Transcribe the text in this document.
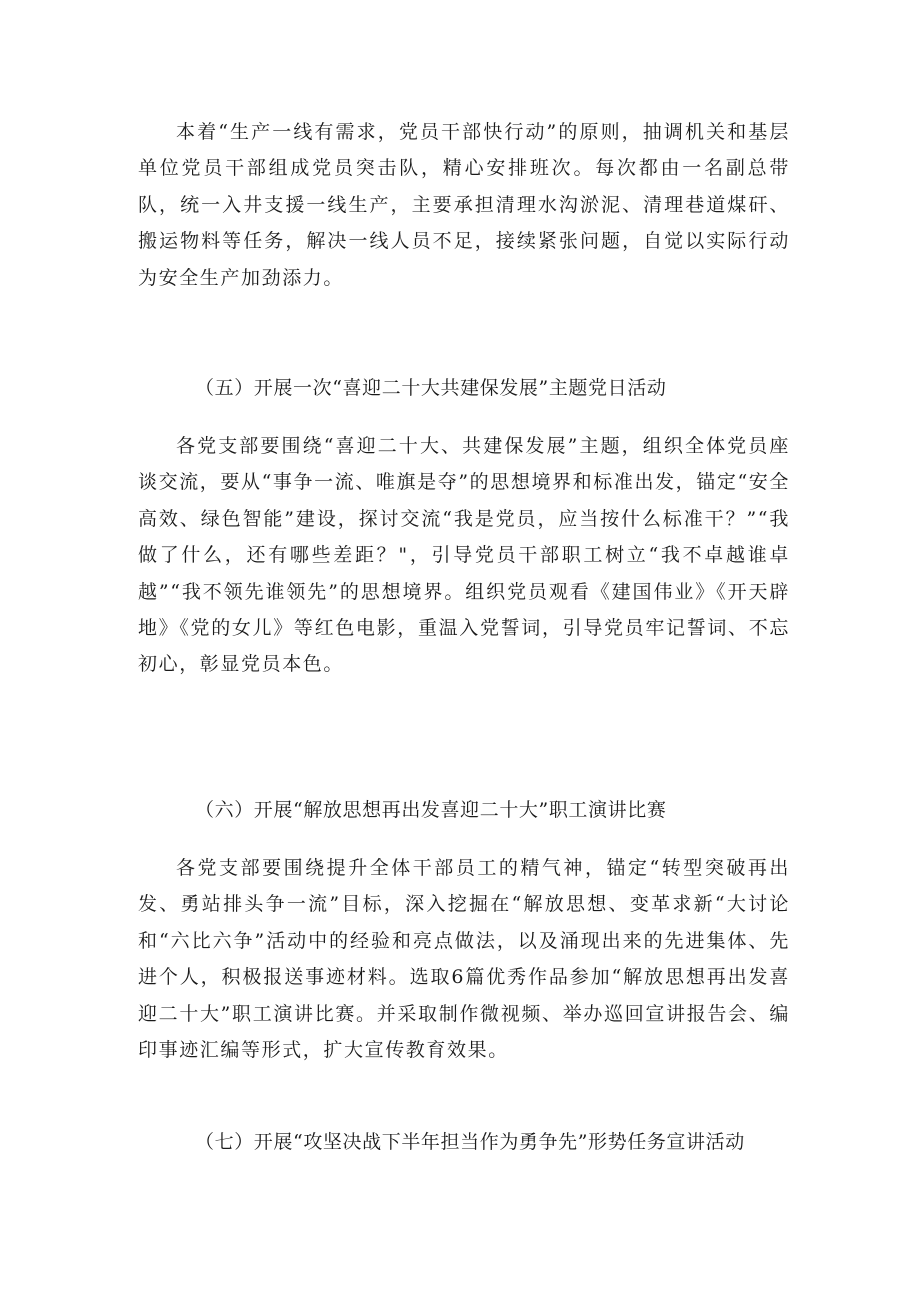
本着“生产一线有需求，党员干部快行动”的原则，抽调机关和基层单位党员干部组成党员突击队，精心安排班次。每次都由一名副总带队，统一入井支援一线生产，主要承担清理水沟淤泥、清理巷道煤矸、搬运物料等任务，解决一线人员不足，接续紧张问题，自觉以实际行动为安全生产加劲添力。

（五）开展一次“喜迎二十大共建保发展”主题党日活动

各党支部要围绕“喜迎二十大、共建保发展”主题，组织全体党员座谈交流，要从“事争一流、唯旗是夺”的思想境界和标准出发，锚定“安全高效、绿色智能”建设，探讨交流“我是党员，应当按什么标准干？”“我做了什么，还有哪些差距？"，引导党员干部职工树立“我不卓越谁卓越”“我不领先谁领先”的思想境界。组织党员观看《建国伟业》《开天辟地》《党的女儿》等红色电影，重温入党誓词，引导党员牢记誓词、不忘初心，彰显党员本色。

（六）开展“解放思想再出发喜迎二十大”职工演讲比赛

各党支部要围绕提升全体干部员工的精气神，锚定“转型突破再出发、勇站排头争一流”目标，深入挖掘在“解放思想、变革求新“大讨论和“六比六争”活动中的经验和亮点做法，以及涌现出来的先进集体、先进个人，积极报送事迹材料。选取6篇优秀作品参加“解放思想再出发喜迎二十大”职工演讲比赛。并采取制作微视频、举办巡回宣讲报告会、编印事迹汇编等形式，扩大宣传教育效果。

（七）开展“攻坚决战下半年担当作为勇争先”形势任务宣讲活动
